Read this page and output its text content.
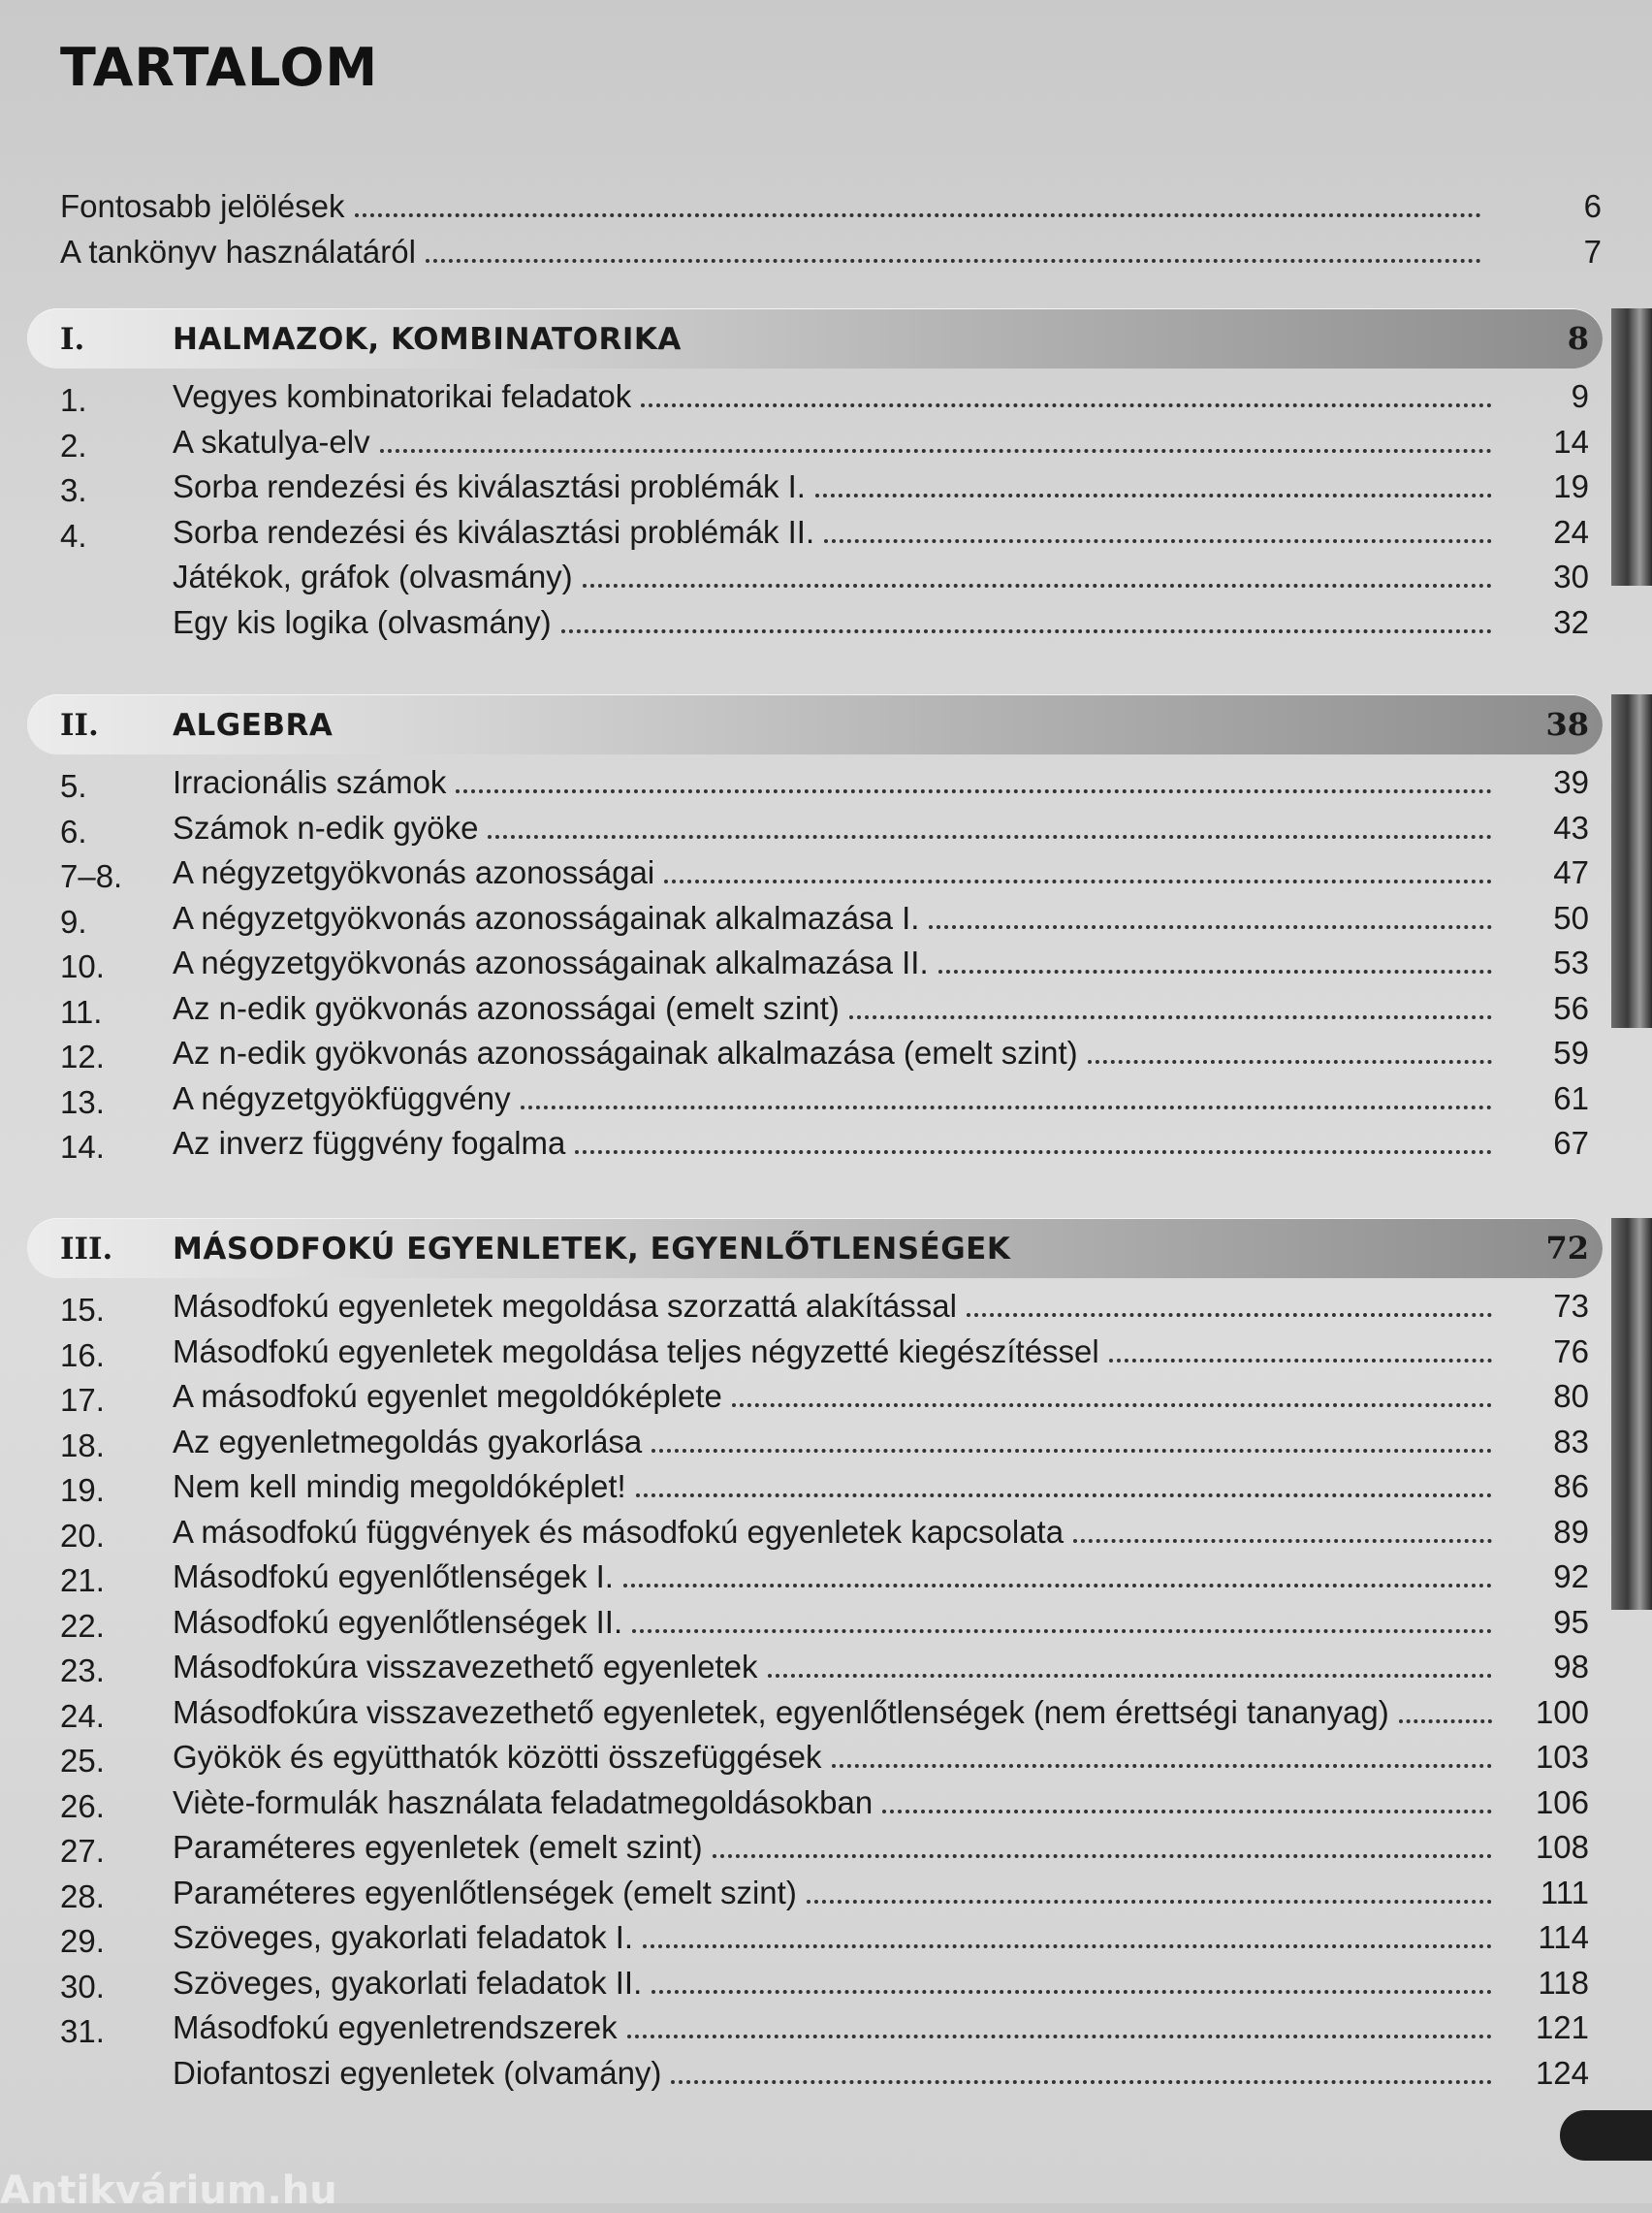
TARTALOM
Fontosabb jelölések	6
A tankönyv használatáról	7
I.	HALMAZOK, KOMBINATORIKA	8
1.	Vegyes kombinatorikai feladatok	9
2.	A skatulya-elv	14
3.	Sorba rendezési és kiválasztási problémák I.	19
4.	Sorba rendezési és kiválasztási problémák II.	24
Játékok, gráfok (olvasmány)	30
Egy kis logika (olvasmány)	32
II. ALGEBRA	38
5.	Irracionális számok	39
6.	Számok n-edik gyöke	43
7–8. A négyzetgyökvonás azonosságai	47
9.	A négyzetgyökvonás azonosságainak alkalmazása I.	50
10. A négyzetgyökvonás azonosságainak alkalmazása II.	53
11. Az n-edik gyökvonás azonosságai (emelt szint)	56
12. Az n-edik gyökvonás azonosságainak alkalmazása (emelt szint)	59
13. A négyzetgyökfüggvény	61
14. Az inverz függvény fogalma	67
III. MÁSODFOKÚ EGYENLETEK, EGYENLŐTLENSÉGEK	72
15. Másodfokú egyenletek megoldása szorzattá alakítással	73
16. Másodfokú egyenletek megoldása teljes négyzetté kiegészítéssel	76
17. A másodfokú egyenlet megoldóképlete	80
18. Az egyenletmegoldás gyakorlása	83
19. Nem kell mindig megoldóképlet!	86
20. A másodfokú függvények és másodfokú egyenletek kapcsolata	89
21. Másodfokú egyenlőtlenségek I.	92
22. Másodfokú egyenlőtlenségek II.	95
23. Másodfokúra visszavezethető egyenletek	98
24. Másodfokúra visszavezethető egyenletek, egyenlőtlenségek (nem érettségi tananyag)	100
25. Gyökök és együtthatók közötti összefüggések	103
26. Viète-formulák használata feladatmegoldásokban	106
27. Paraméteres egyenletek (emelt szint)	108
28. Paraméteres egyenlőtlenségek (emelt szint)	111
29. Szöveges, gyakorlati feladatok I.	114
30. Szöveges, gyakorlati feladatok II.	118
31. Másodfokú egyenletrendszerek	121
Diofantoszi egyenletek (olvamány)	124
Antikvárium.hu
